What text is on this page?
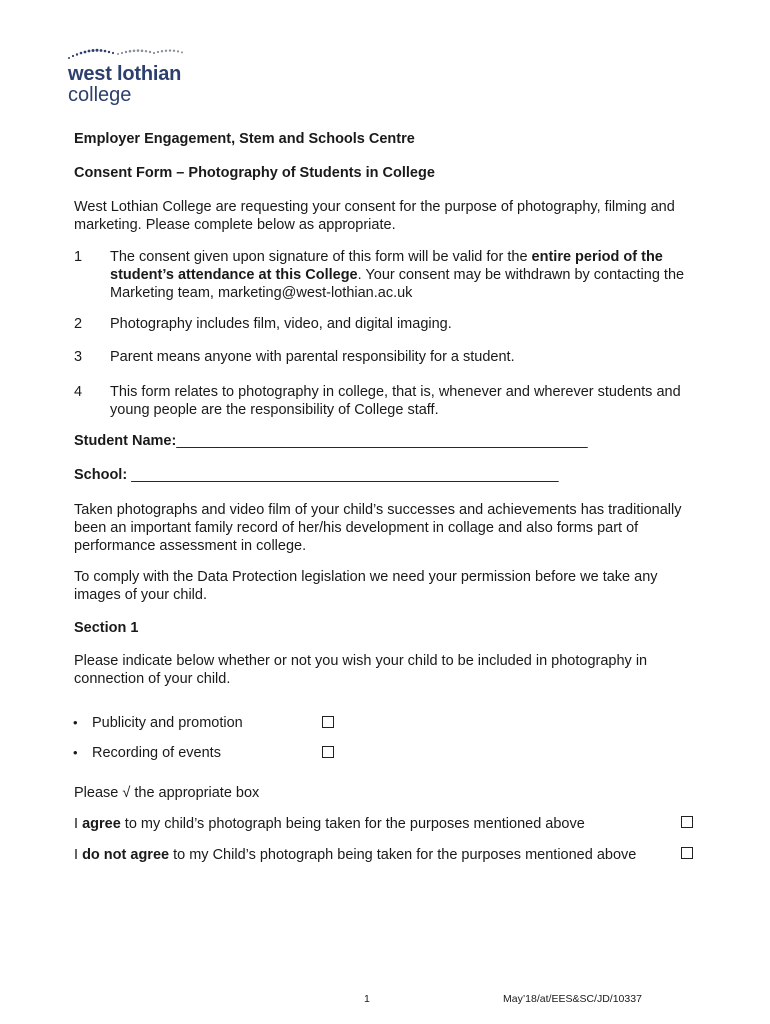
west lothian
college
Employer Engagement, Stem and Schools Centre
Consent Form – Photography of Students in College
West Lothian College are requesting your consent for the purpose of photography, filming and marketing. Please complete below as appropriate.
1 The consent given upon signature of this form will be valid for the entire period of the student’s attendance at this College. Your consent may be withdrawn by contacting the Marketing team, marketing@west-lothian.ac.uk
2 Photography includes film, video, and digital imaging.
3 Parent means anyone with parental responsibility for a student.
4 This form relates to photography in college, that is, whenever and wherever students and young people are the responsibility of College staff.
Student Name:___________________________________________________
School: _____________________________________________________
Taken photographs and video film of your child’s successes and achievements has traditionally been an important family record of her/his development in collage and also forms part of performance assessment in college.
To comply with the Data Protection legislation we need your permission before we take any images of your child.
Section 1
Please indicate below whether or not you wish your child to be included in photography in connection of your child.
• Publicity and promotion
• Recording of events
Please √ the appropriate box
I agree to my child’s photograph being taken for the purposes mentioned above
I do not agree to my Child’s photograph being taken for the purposes mentioned above
1	May’18/at/EES&SC/JD/10337
